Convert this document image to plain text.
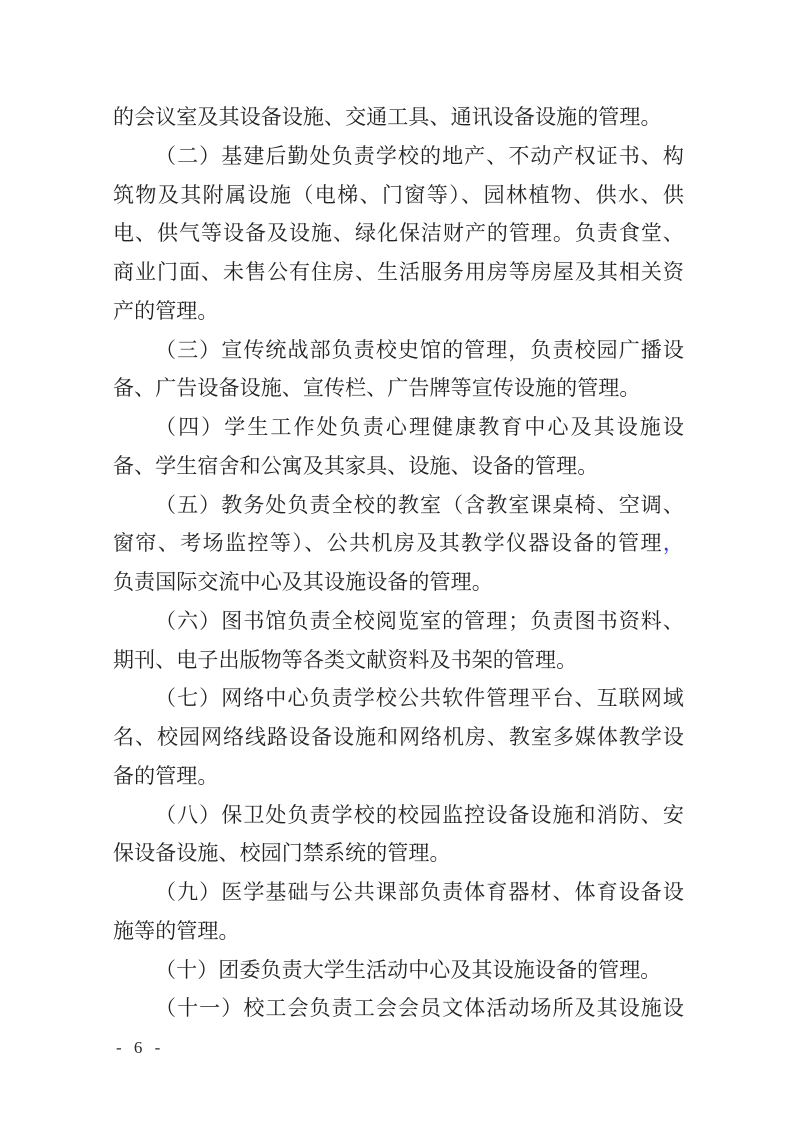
的会议室及其设备设施、交通工具、通讯设备设施的管理。
（二）基建后勤处负责学校的地产、不动产权证书、构
筑物及其附属设施（电梯、门窗等）、园林植物、供水、供
电、供气等设备及设施、绿化保洁财产的管理。负责食堂、
商业门面、未售公有住房、生活服务用房等房屋及其相关资
产的管理。
（三）宣传统战部负责校史馆的管理，负责校园广播设
备、广告设备设施、宣传栏、广告牌等宣传设施的管理。
（四）学生工作处负责心理健康教育中心及其设施设
备、学生宿舍和公寓及其家具、设施、设备的管理。
（五）教务处负责全校的教室（含教室课桌椅、空调、
窗帘、考场监控等）、公共机房及其教学仪器设备的管理，
负责国际交流中心及其设施设备的管理。
（六）图书馆负责全校阅览室的管理；负责图书资料、
期刊、电子出版物等各类文献资料及书架的管理。
（七）网络中心负责学校公共软件管理平台、互联网域
名、校园网络线路设备设施和网络机房、教室多媒体教学设
备的管理。
（八）保卫处负责学校的校园监控设备设施和消防、安
保设备设施、校园门禁系统的管理。
（九）医学基础与公共课部负责体育器材、体育设备设
施等的管理。
（十）团委负责大学生活动中心及其设施设备的管理。
（十一）校工会负责工会会员文体活动场所及其设施设
- 6 -
